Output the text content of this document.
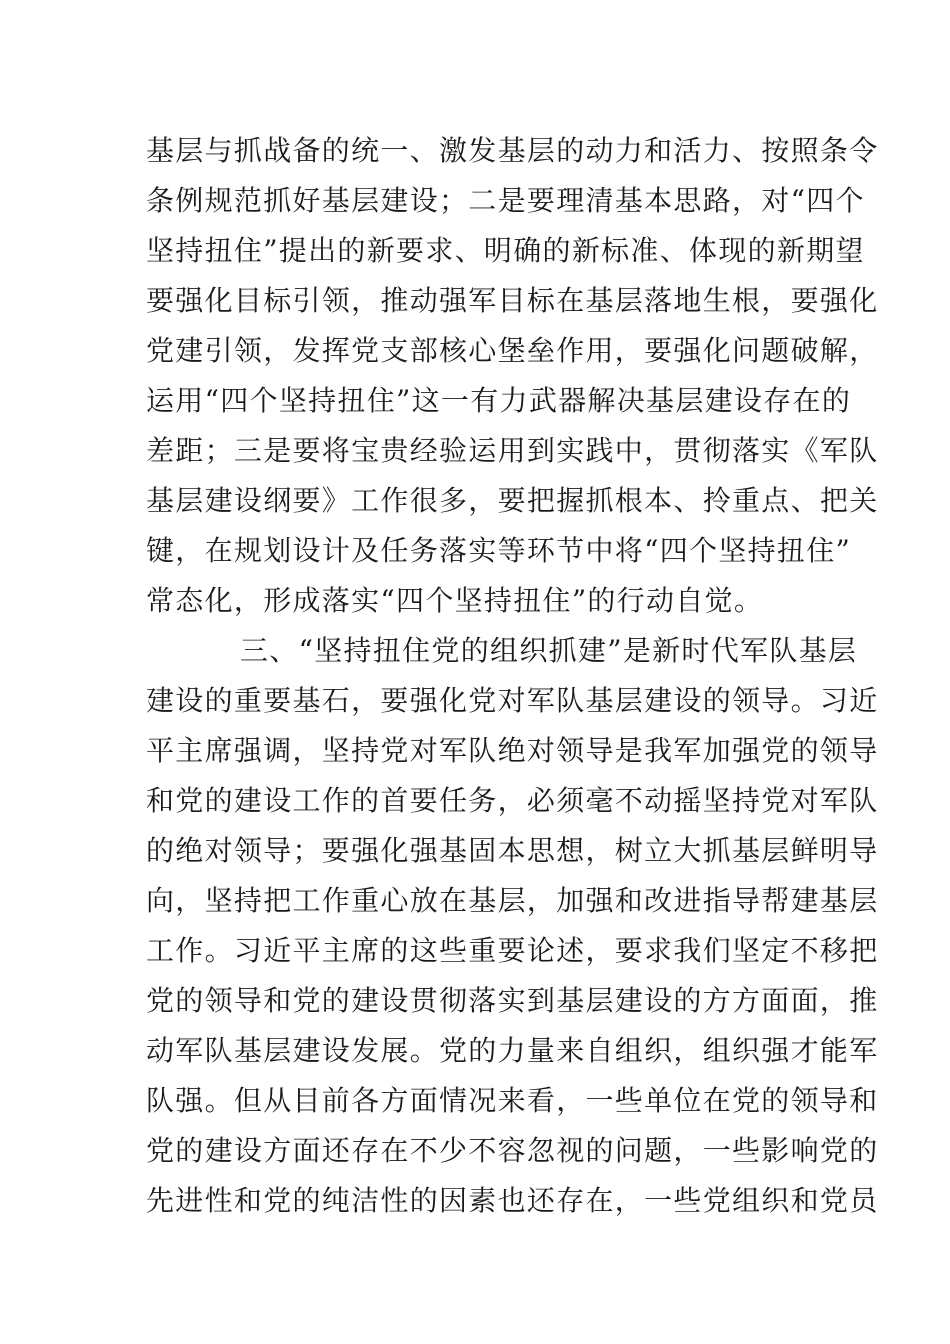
基层与抓战备的统一、激发基层的动力和活力、按照条令
条例规范抓好基层建设；二是要理清基本思路，对“四个
坚持扭住”提出的新要求、明确的新标准、体现的新期望
要强化目标引领，推动强军目标在基层落地生根，要强化
党建引领，发挥党支部核心堡垒作用，要强化问题破解，
运用“四个坚持扭住”这一有力武器解决基层建设存在的
差距；三是要将宝贵经验运用到实践中，贯彻落实《军队
基层建设纲要》工作很多，要把握抓根本、拎重点、把关
键，在规划设计及任务落实等环节中将“四个坚持扭住”
常态化，形成落实“四个坚持扭住”的行动自觉。
三、“坚持扭住党的组织抓建”是新时代军队基层
建设的重要基石，要强化党对军队基层建设的领导。习近
平主席强调，坚持党对军队绝对领导是我军加强党的领导
和党的建设工作的首要任务，必须毫不动摇坚持党对军队
的绝对领导；要强化强基固本思想，树立大抓基层鲜明导
向，坚持把工作重心放在基层，加强和改进指导帮建基层
工作。习近平主席的这些重要论述，要求我们坚定不移把
党的领导和党的建设贯彻落实到基层建设的方方面面，推
动军队基层建设发展。党的力量来自组织，组织强才能军
队强。但从目前各方面情况来看，一些单位在党的领导和
党的建设方面还存在不少不容忽视的问题，一些影响党的
先进性和党的纯洁性的因素也还存在，一些党组织和党员
